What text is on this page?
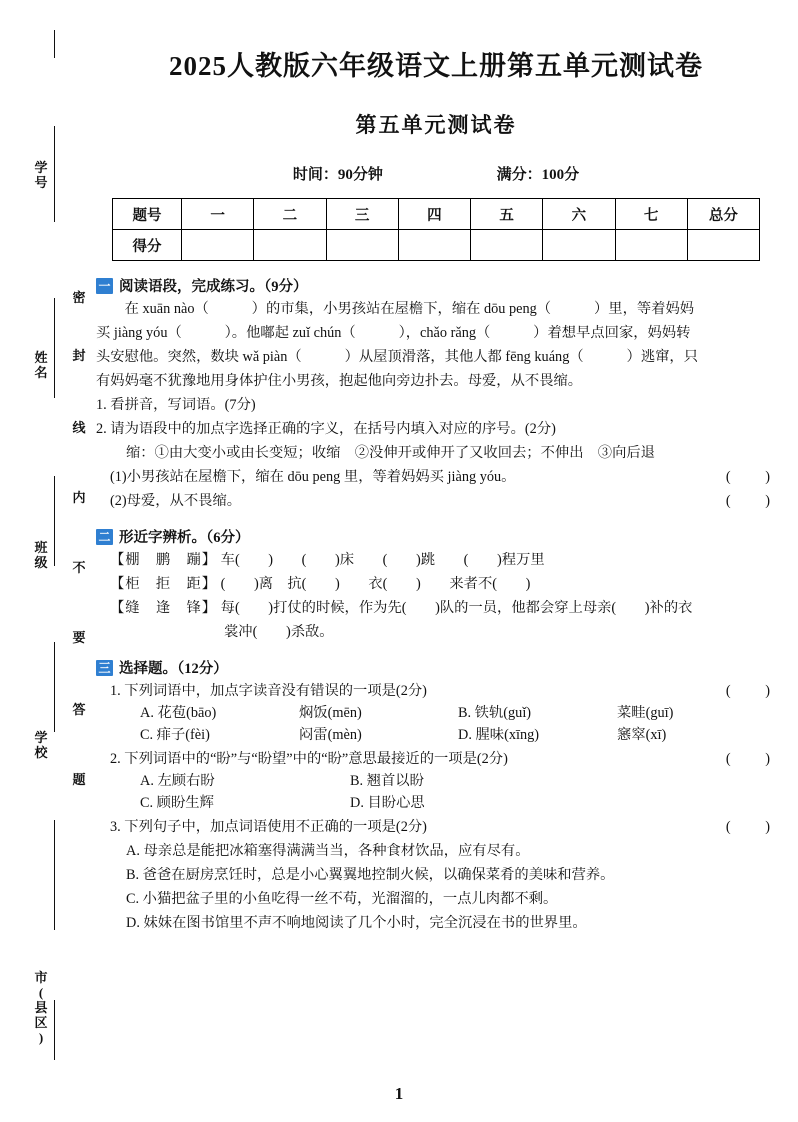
学
号
姓
名
班
级
学
校
市
(
县
区
)
密
封
线
内
不
要
答
题
2025人教版六年级语文上册第五单元测试卷
第五单元测试卷
时间：90分钟	满分：100分
题号	一	二	三	四	五	六	七	总分
得分								
一 阅读语段，完成练习。（9分）
在 xuān nào（　　　）的市集，小男孩站在屋檐下，缩在 dōu peng（　　　）里，等着妈妈
买 jiàng yóu（　　　）。他嘟起 zuǐ chún（　　　），chǎo rǎng（　　　）着想早点回家，妈妈转
头安慰他。突然，数块 wǎ piàn（　　　）从屋顶滑落，其他人都 fēng kuáng（　　　）逃窜，只
有妈妈毫不犹豫地用身体护住小男孩，抱起他向旁边扑去。母爱，从不畏缩。
1. 看拼音，写词语。(7分)
2. 请为语段中的加点字选择正确的字义，在括号内填入对应的序号。(2分)
缩：①由大变小或由长变短；收缩　②没伸开或伸开了又收回去；不伸出　③向后退
(　　)
(1)小男孩站在屋檐下，缩在 dōu peng 里，等着妈妈买 jiàng yóu。
(　　)
(2)母爱，从不畏缩。
二 形近字辨析。（6分）
【棚　鹏　蹦】 车(　　)　　(　　)床　　(　　)跳　　(　　)程万里
【柜　拒　距】 (　　)离　抗(　　)　　衣(　　)　　来者不(　　)
【缝　逢　锋】 每(　　)打仗的时候，作为先(　　)队的一员，他都会穿上母亲(　　)补的衣
裳冲(　　)杀敌。
三 选择题。（12分）
(　　)
1. 下列词语中，加点字读音没有错误的一项是(2分)
A. 花苞(bāo)	焖饭(mēn)	B. 铁轨(guǐ)	菜畦(guī)
C. 痱子(fèi)	闷雷(mèn)	D. 腥味(xīng)	窸窣(xī)
(　　)
2. 下列词语中的“盼”与“盼望”中的“盼”意思最接近的一项是(2分)
A. 左顾右盼	B. 翘首以盼
C. 顾盼生辉	D. 目盼心思
(　　)
3. 下列句子中，加点词语使用不正确的一项是(2分)
A. 母亲总是能把冰箱塞得满满当当，各种食材饮品，应有尽有。
B. 爸爸在厨房烹饪时，总是小心翼翼地控制火候，以确保菜肴的美味和营养。
C. 小猫把盆子里的小鱼吃得一丝不苟，光溜溜的，一点儿肉都不剩。
D. 妹妹在图书馆里不声不响地阅读了几个小时，完全沉浸在书的世界里。
1
